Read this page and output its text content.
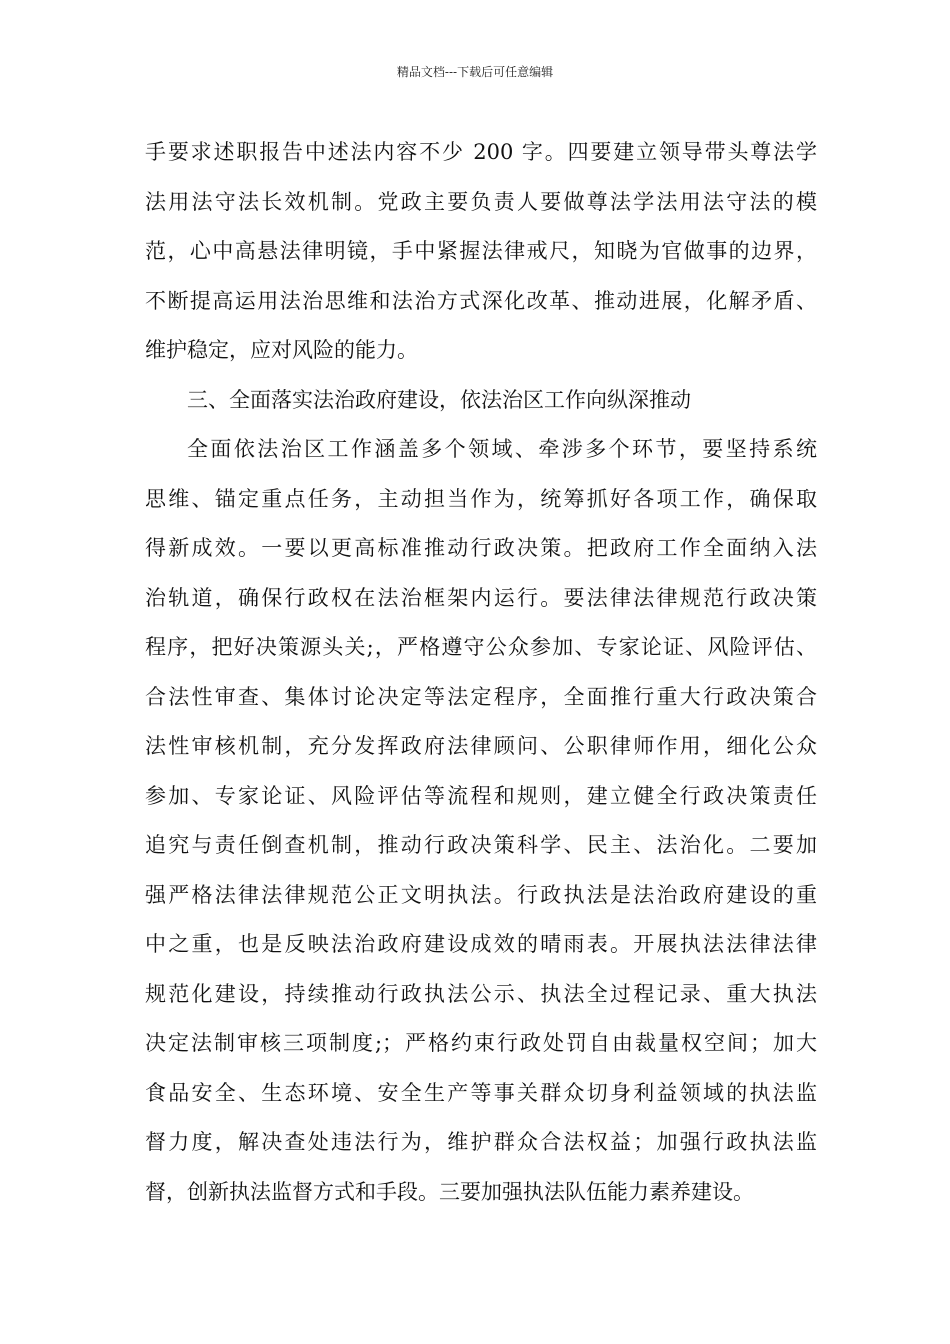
精品文档---下载后可任意编辑
手要求述职报告中述法内容不少 200 字。四要建立领导带头尊法学
法用法守法长效机制。党政主要负责人要做尊法学法用法守法的模
范，心中高悬法律明镜，手中紧握法律戒尺，知晓为官做事的边界，
不断提高运用法治思维和法治方式深化改革、推动进展，化解矛盾、
维护稳定，应对风险的能力。
三、全面落实法治政府建设，依法治区工作向纵深推动
全面依法治区工作涵盖多个领域、牵涉多个环节，要坚持系统
思维、锚定重点任务，主动担当作为，统筹抓好各项工作，确保取
得新成效。一要以更高标准推动行政决策。把政府工作全面纳入法
治轨道，确保行政权在法治框架内运行。要法律法律规范行政决策
程序，把好决策源头关;，严格遵守公众参加、专家论证、风险评估、
合法性审查、集体讨论决定等法定程序，全面推行重大行政决策合
法性审核机制，充分发挥政府法律顾问、公职律师作用，细化公众
参加、专家论证、风险评估等流程和规则，建立健全行政决策责任
追究与责任倒查机制，推动行政决策科学、民主、法治化。二要加
强严格法律法律规范公正文明执法。行政执法是法治政府建设的重
中之重，也是反映法治政府建设成效的晴雨表。开展执法法律法律
规范化建设，持续推动行政执法公示、执法全过程记录、重大执法
决定法制审核三项制度;；严格约束行政处罚自由裁量权空间；加大
食品安全、生态环境、安全生产等事关群众切身利益领域的执法监
督力度，解决查处违法行为，维护群众合法权益；加强行政执法监
督，创新执法监督方式和手段。三要加强执法队伍能力素养建设。
